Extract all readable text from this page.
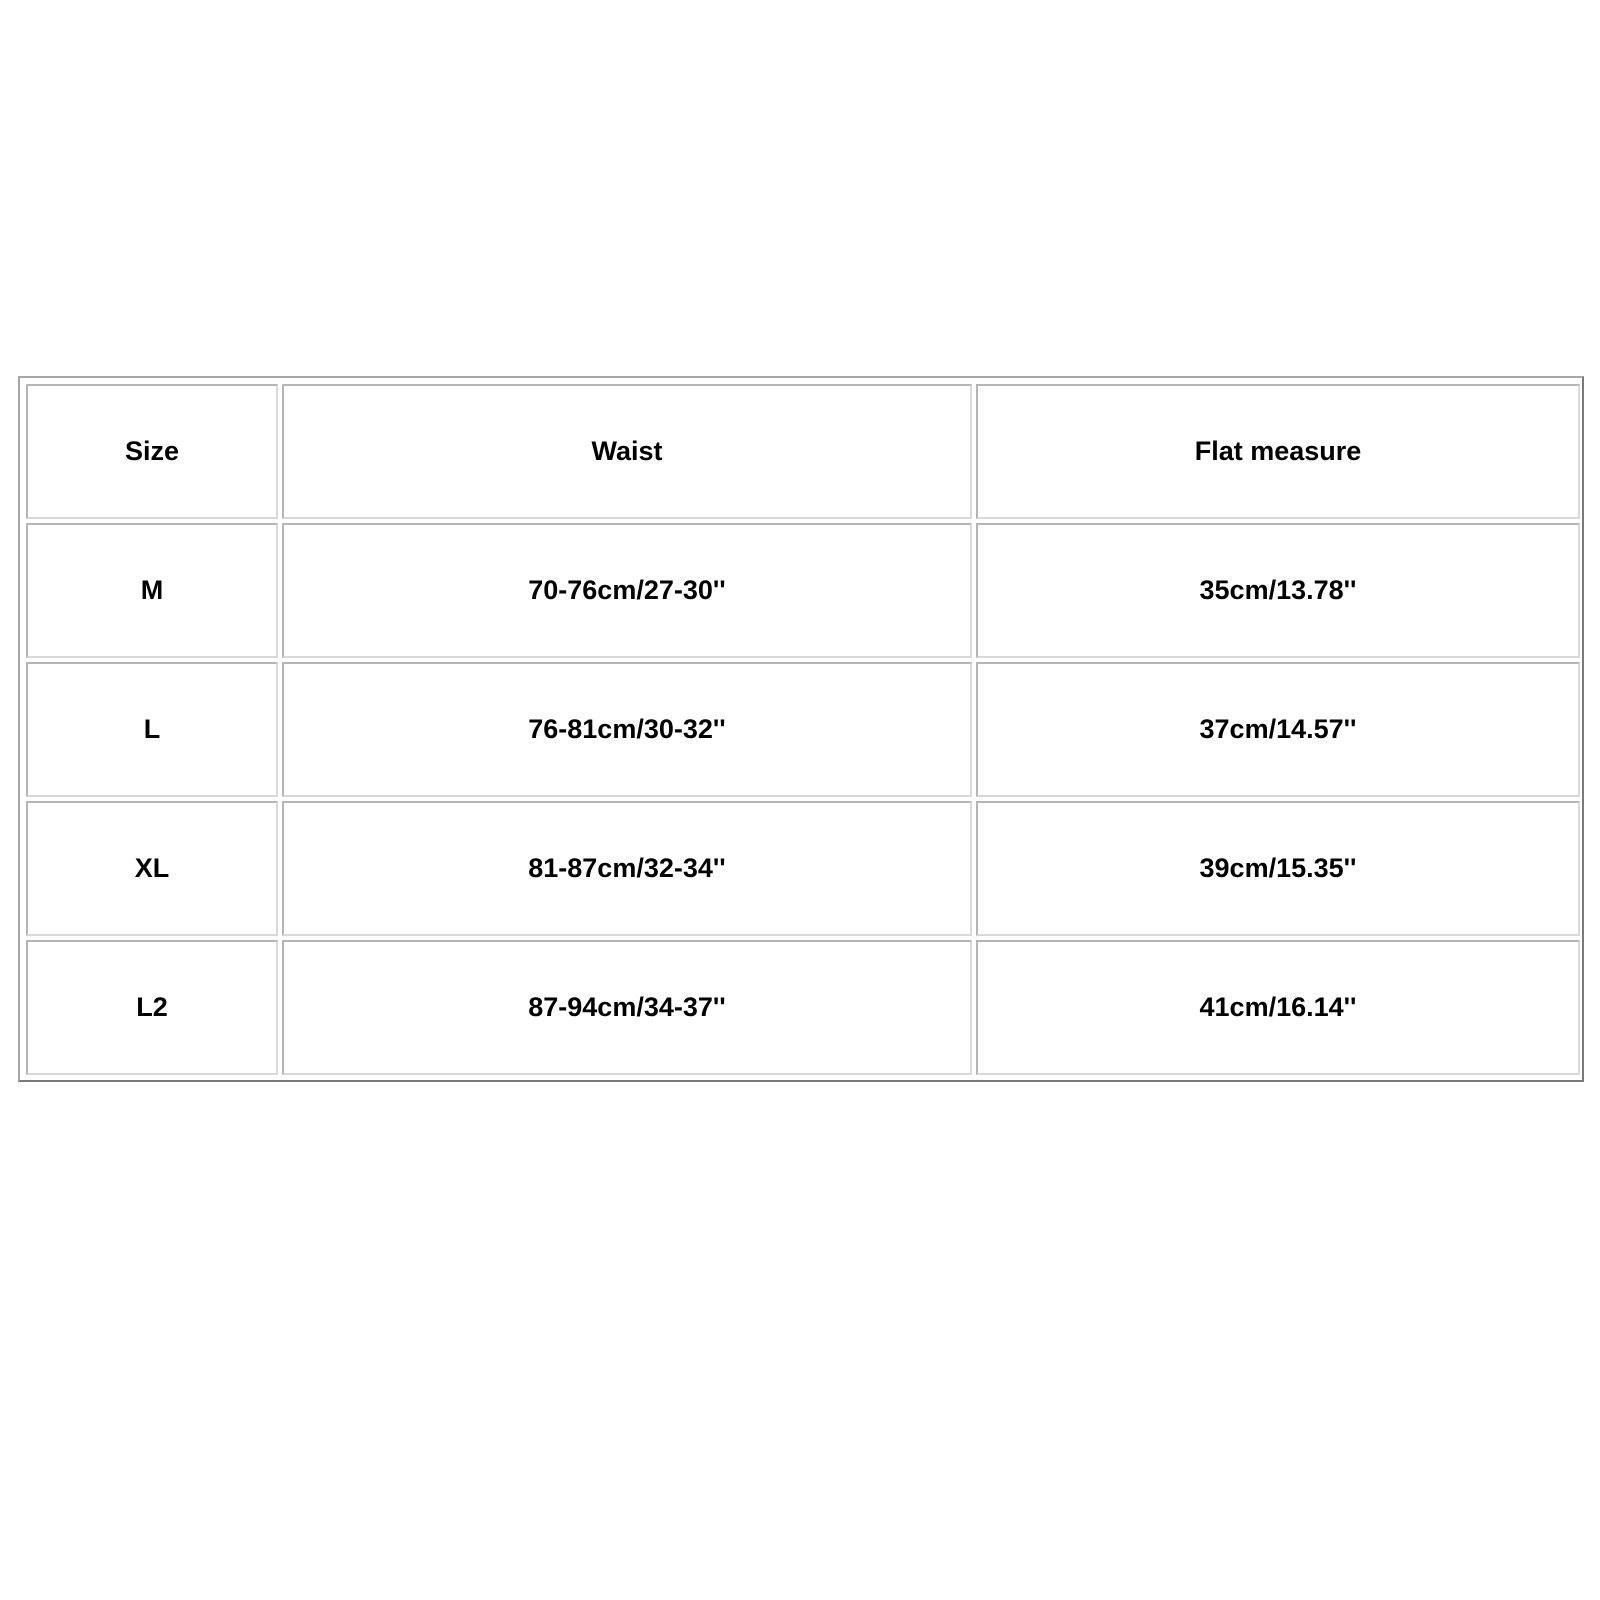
Size	Waist	Flat measure
M	70-76cm/27-30''	35cm/13.78''
L	76-81cm/30-32''	37cm/14.57''
XL	81-87cm/32-34''	39cm/15.35''
L2	87-94cm/34-37''	41cm/16.14''
